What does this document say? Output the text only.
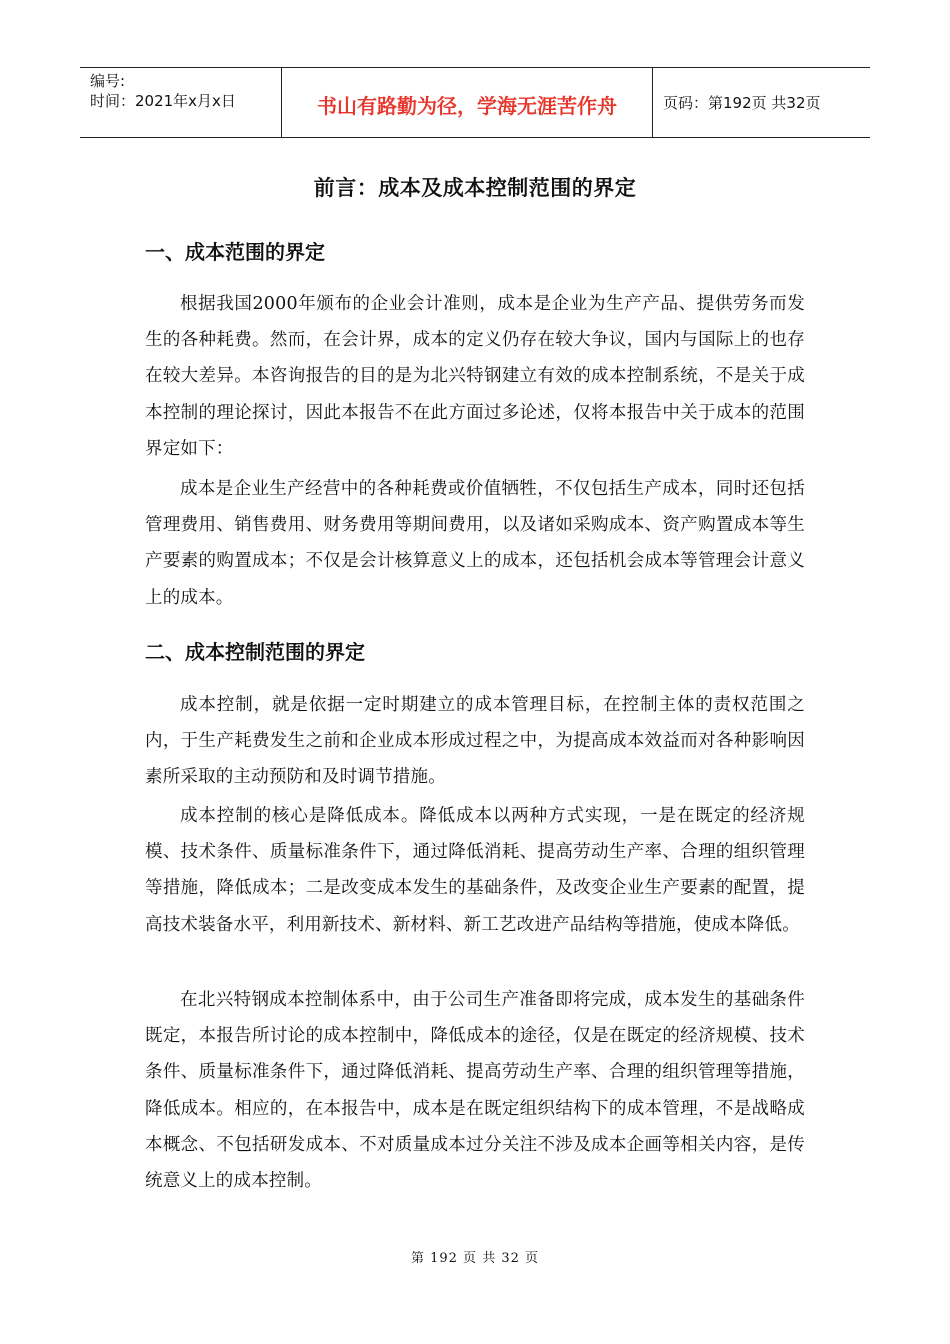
编号:
时间：2021年x月x日	书山有路勤为径，学海无涯苦作舟	页码：第192页 共32页
前言：成本及成本控制范围的界定
一、成本范围的界定

根据我国2000年颁布的企业会计准则，成本是企业为生产产品、提供劳务而发生的各种耗费。然而，在会计界，成本的定义仍存在较大争议，国内与国际上的也存在较大差异。本咨询报告的目的是为北兴特钢建立有效的成本控制系统，不是关于成本控制的理论探讨，因此本报告不在此方面过多论述，仅将本报告中关于成本的范围界定如下：

成本是企业生产经营中的各种耗费或价值牺牲，不仅包括生产成本，同时还包括管理费用、销售费用、财务费用等期间费用，以及诸如采购成本、资产购置成本等生产要素的购置成本；不仅是会计核算意义上的成本，还包括机会成本等管理会计意义上的成本。

二、成本控制范围的界定

成本控制，就是依据一定时期建立的成本管理目标，在控制主体的责权范围之内，于生产耗费发生之前和企业成本形成过程之中，为提高成本效益而对各种影响因素所采取的主动预防和及时调节措施。

成本控制的核心是降低成本。降低成本以两种方式实现，一是在既定的经济规模、技术条件、质量标准条件下，通过降低消耗、提高劳动生产率、合理的组织管理等措施，降低成本；二是改变成本发生的基础条件，及改变企业生产要素的配置，提高技术装备水平，利用新技术、新材料、新工艺改进产品结构等措施，使成本降低。

在北兴特钢成本控制体系中，由于公司生产准备即将完成，成本发生的基础条件既定，本报告所讨论的成本控制中，降低成本的途径，仅是在既定的经济规模、技术条件、质量标准条件下，通过降低消耗、提高劳动生产率、合理的组织管理等措施，降低成本。相应的，在本报告中，成本是在既定组织结构下的成本管理，不是战略成本概念、不包括研发成本、不对质量成本过分关注不涉及成本企画等相关内容，是传统意义上的成本控制。

第 192 页 共 32 页
